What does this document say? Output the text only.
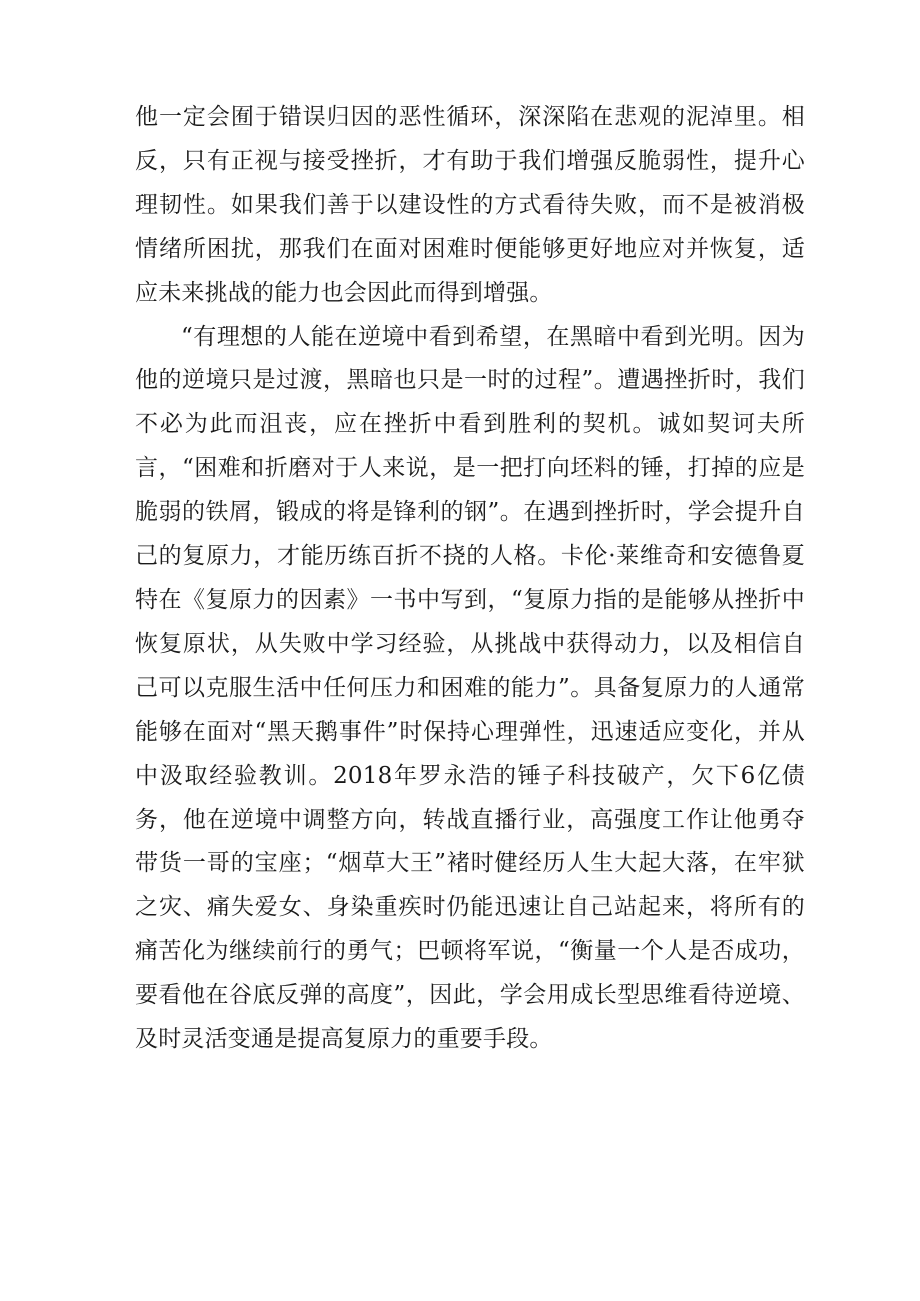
他一定会囿于错误归因的恶性循环，深深陷在悲观的泥淖里。相反，只有正视与接受挫折，才有助于我们增强反脆弱性，提升心理韧性。如果我们善于以建设性的方式看待失败，而不是被消极情绪所困扰，那我们在面对困难时便能够更好地应对并恢复，适应未来挑战的能力也会因此而得到增强。

“有理想的人能在逆境中看到希望，在黑暗中看到光明。因为他的逆境只是过渡，黑暗也只是一时的过程”。遭遇挫折时，我们不必为此而沮丧，应在挫折中看到胜利的契机。诚如契诃夫所言，“困难和折磨对于人来说，是一把打向坯料的锤，打掉的应是脆弱的铁屑，锻成的将是锋利的钢”。在遇到挫折时，学会提升自己的复原力，才能历练百折不挠的人格。卡伦·莱维奇和安德鲁夏特在《复原力的因素》一书中写到，“复原力指的是能够从挫折中恢复原状，从失败中学习经验，从挑战中获得动力，以及相信自己可以克服生活中任何压力和困难的能力”。具备复原力的人通常能够在面对“黑天鹅事件”时保持心理弹性，迅速适应变化，并从中汲取经验教训。2018年罗永浩的锤子科技破产，欠下6亿债务，他在逆境中调整方向，转战直播行业，高强度工作让他勇夺带货一哥的宝座；“烟草大王”褚时健经历人生大起大落，在牢狱之灾、痛失爱女、身染重疾时仍能迅速让自己站起来，将所有的痛苦化为继续前行的勇气；巴顿将军说，“衡量一个人是否成功，要看他在谷底反弹的高度”，因此，学会用成长型思维看待逆境、及时灵活变通是提高复原力的重要手段。
